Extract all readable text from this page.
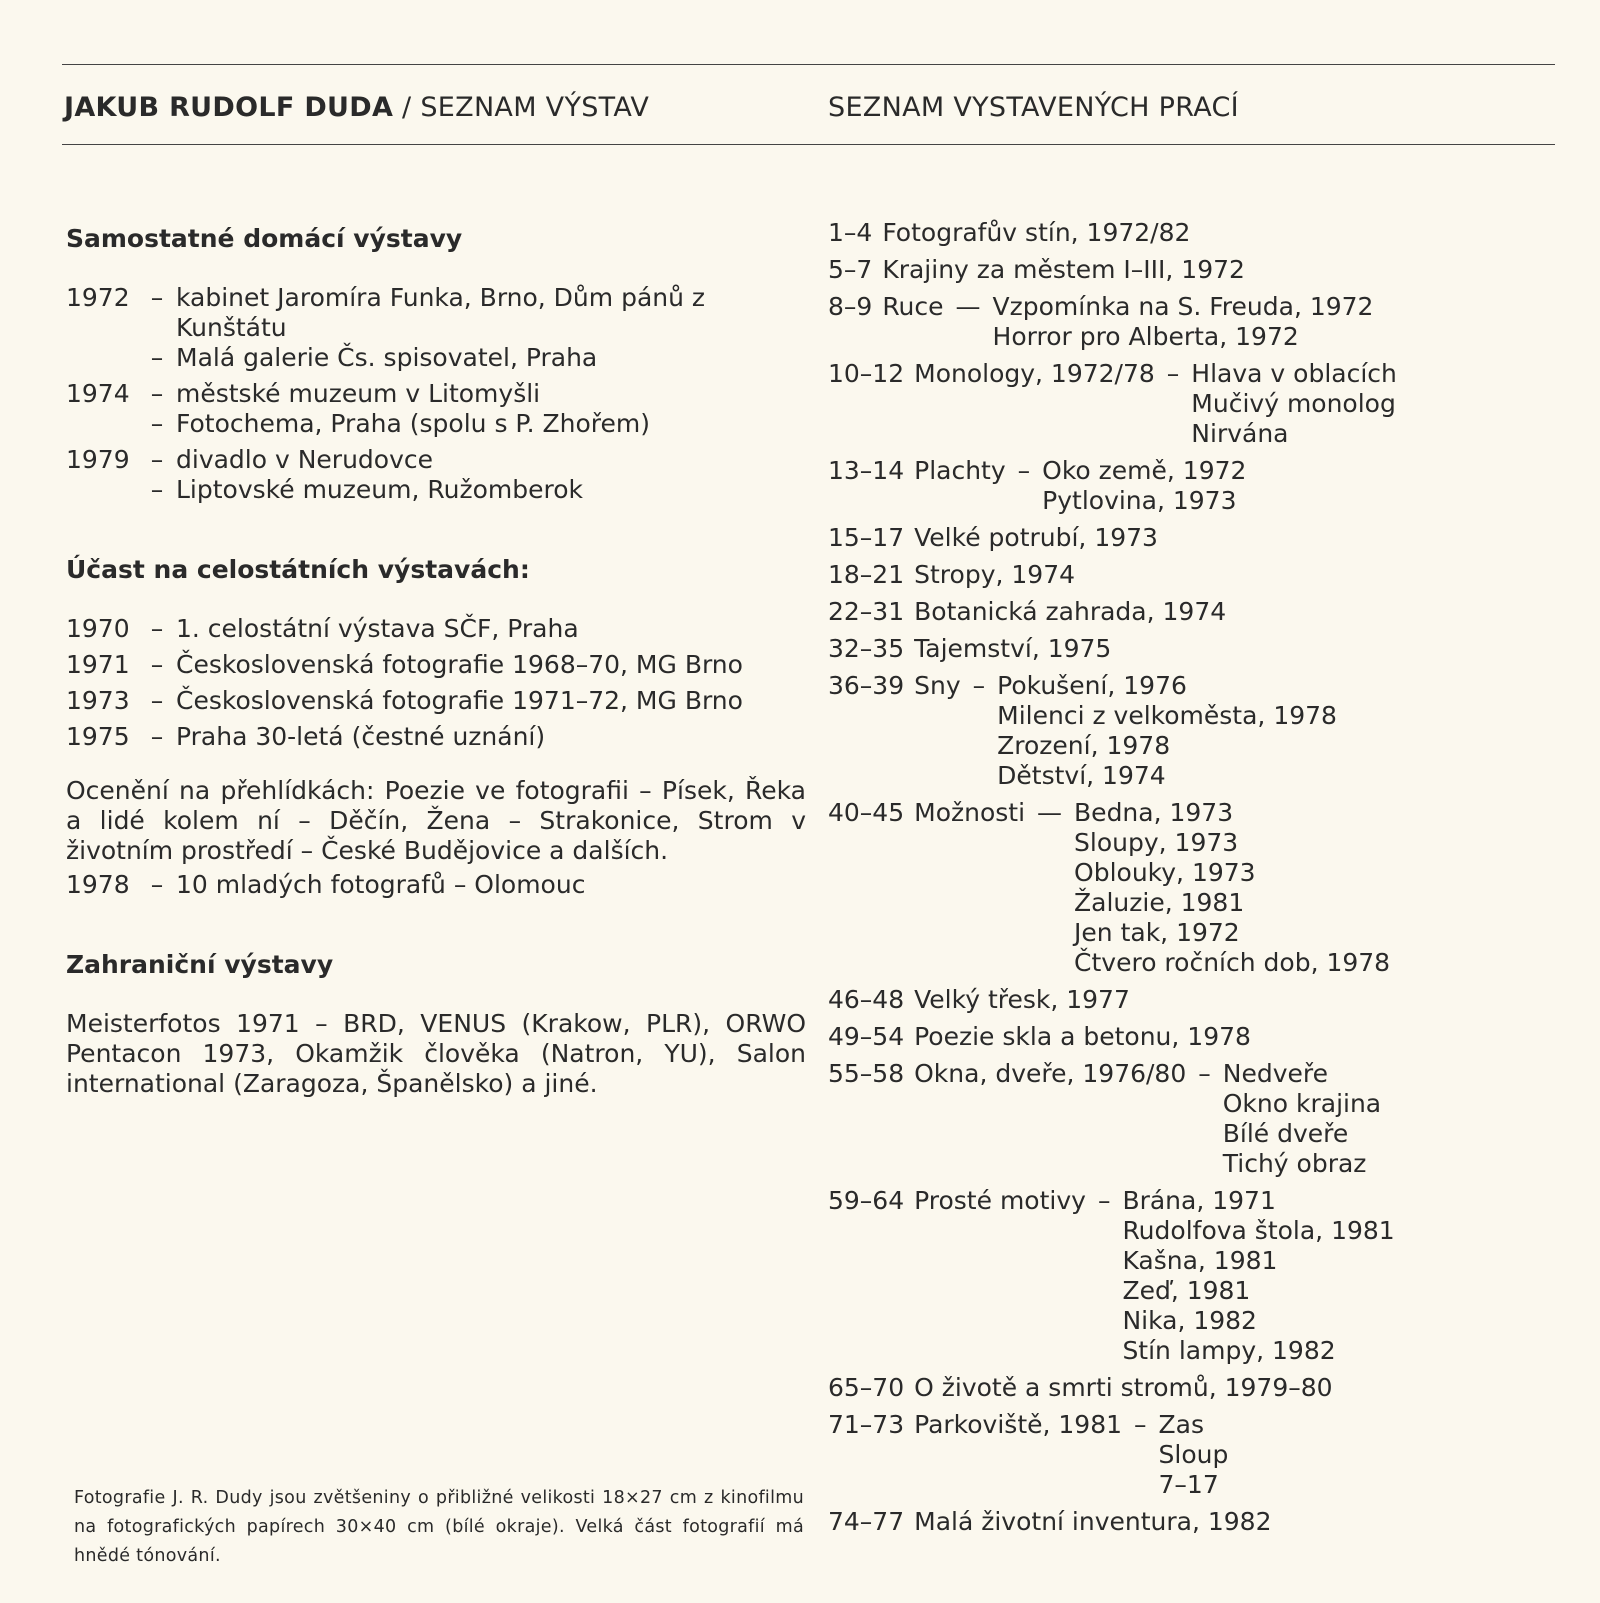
JAKUB RUDOLF DUDA / SEZNAM VÝSTAV	SEZNAM VYSTAVENÝCH PRACÍ
Samostatné domácí výstavy
1972 – kabinet Jaromíra Funka, Brno, Dům pánů z Kunštátu
– Malá galerie Čs. spisovatel, Praha
1974 – městské muzeum v Litomyšli
– Fotochema, Praha (spolu s P. Zhořem)
1979 – divadlo v Nerudovce
– Liptovské muzeum, Ružomberok
Účast na celostátních výstavách:
1970 – 1. celostátní výstava SČF, Praha
1971 – Československá fotografie 1968–70, MG Brno
1973 – Československá fotografie 1971–72, MG Brno
1975 – Praha 30-letá (čestné uznání)
Ocenění na přehlídkách: Poezie ve fotografii – Písek, Řeka a lidé kolem ní – Děčín, Žena – Strakonice, Strom v životním prostředí – České Budějovice a dalších.
1978 – 10 mladých fotografů – Olomouc
Zahraniční výstavy
Meisterfotos 1971 – BRD, VENUS (Krakow, PLR), ORWO Pentacon 1973, Okamžik člověka (Natron, YU), Salon international (Zaragoza, Španělsko) a jiné.
Fotografie J. R. Dudy jsou zvětšeniny o přibližné velikosti 18×27 cm z kinofilmu na fotografických papírech 30×40 cm (bílé okraje). Velká část fotografií má hnědé tónování.
1–4 Fotografův stín, 1972/82
5–7 Krajiny za městem I–III, 1972
8–9 Ruce — Vzpomínka na S. Freuda, 1972
Horror pro Alberta, 1972
10–12 Monology, 1972/78 – Hlava v oblacích
Mučivý monolog
Nirvána
13–14 Plachty – Oko země, 1972
Pytlovina, 1973
15–17 Velké potrubí, 1973
18–21 Stropy, 1974
22–31 Botanická zahrada, 1974
32–35 Tajemství, 1975
36–39 Sny – Pokušení, 1976
Milenci z velkoměsta, 1978
Zrození, 1978
Dětství, 1974
40–45 Možnosti — Bedna, 1973
Sloupy, 1973
Oblouky, 1973
Žaluzie, 1981
Jen tak, 1972
Čtvero ročních dob, 1978
46–48 Velký třesk, 1977
49–54 Poezie skla a betonu, 1978
55–58 Okna, dveře, 1976/80 – Nedveře
Okno krajina
Bílé dveře
Tichý obraz
59–64 Prosté motivy – Brána, 1971
Rudolfova štola, 1981
Kašna, 1981
Zeď, 1981
Nika, 1982
Stín lampy, 1982
65–70 O životě a smrti stromů, 1979–80
71–73 Parkoviště, 1981 – Zas
Sloup
7–17
74–77 Malá životní inventura, 1982
